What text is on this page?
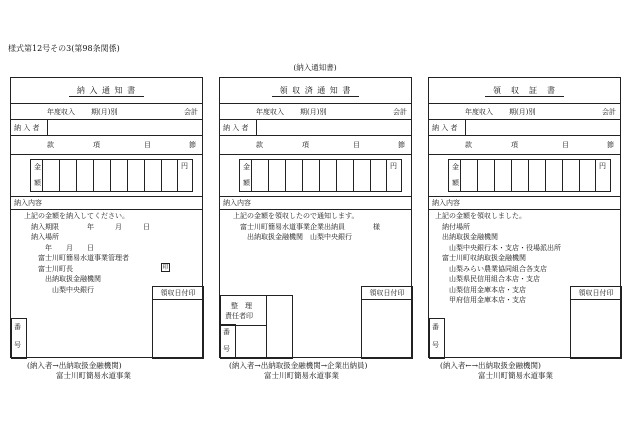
様式第12号その3(第98条関係)
(納入通知書)
納 入 通 知 書
年度収入 期(月)別	会計
納 入 者
款	項	目	節
金
額
円
納入内容
上記の金額を納入してください。
　納入期限　　　　年　　　月　　　日
　納入場所
　　　年　　月　　日
　　富士川町簡易水道事業管理者
　　富士川町長
　　　出納取扱金融機関
　　　　山梨中央銀行
印
領収日付印
番
号
(納入者→出納取扱金融機関)
富士川町簡易水道事業
領 収 済 通 知 書
年度収入 期(月)別	会計
納 入 者
款	項	目	節
金
額
円
納入内容
上記の金額を領収したので通知します。
　富士川町簡易水道事業企業出納員　　　　様
　　出納取扱金融機関　山梨中央銀行
領収日付印
整　理
責任者印
番
号
(納入者→出納取扱金融機関→企業出納員)
富士川町簡易水道事業
領　収　証　書
年度収入 期(月)別	会計
納 入 者
款	項	目	節
金
額
円
納入内容
上記の金額を領収しました。
　納付場所
　出納取扱金融機関
　　山梨中央銀行本・支店・役場派出所
　富士川町収納取扱金融機関
　　山梨みらい農業協同組合各支店
　　山梨県民信用組合本店・支店
　　山梨信用金庫本店・支店
　　甲府信用金庫本店・支店
領収日付印
番
号
(納入者←→出納取扱金融機関)
富士川町簡易水道事業
